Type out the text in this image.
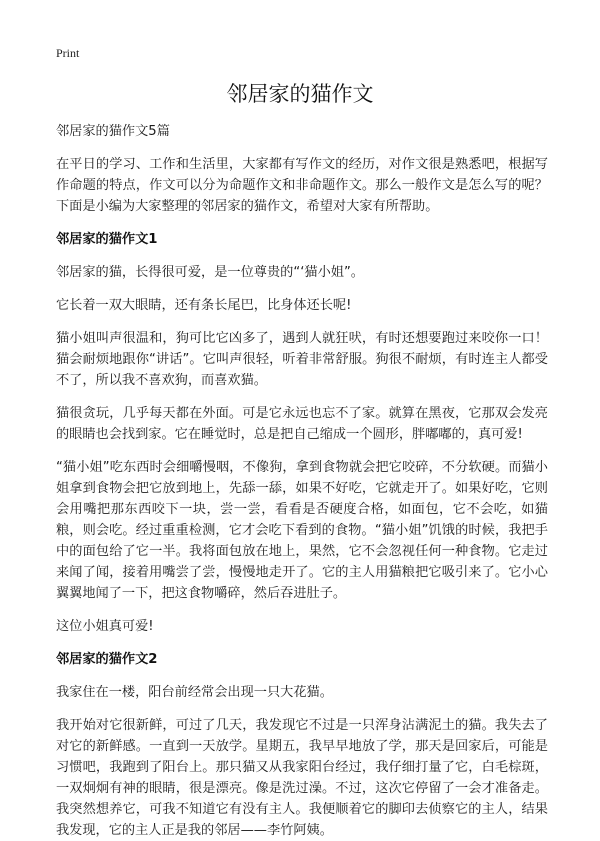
Print
邻居家的猫作文

邻居家的猫作文5篇

在平日的学习、工作和生活里，大家都有写作文的经历，对作文很是熟悉吧，根据写作命题的特点，作文可以分为命题作文和非命题作文。那么一般作文是怎么写的呢？下面是小编为大家整理的邻居家的猫作文，希望对大家有所帮助。

邻居家的猫作文1

邻居家的猫，长得很可爱，是一位尊贵的“‘猫小姐”。

它长着一双大眼睛，还有条长尾巴，比身体还长呢!

猫小姐叫声很温和，狗可比它凶多了，遇到人就狂吠，有时还想要跑过来咬你一口！猫会耐烦地跟你“讲话”。它叫声很轻，听着非常舒服。狗很不耐烦，有时连主人都受不了，所以我不喜欢狗，而喜欢猫。

猫很贪玩，几乎每天都在外面。可是它永远也忘不了家。就算在黑夜，它那双会发亮的眼睛也会找到家。它在睡觉时，总是把自己缩成一个圆形，胖嘟嘟的，真可爱!

“猫小姐”吃东西时会细嚼慢咽，不像狗，拿到食物就会把它咬碎，不分软硬。而猫小姐拿到食物会把它放到地上，先舔一舔，如果不好吃，它就走开了。如果好吃，它则会用嘴把那东西咬下一块，尝一尝，看看是否硬度合格，如面包，它不会吃，如猫粮，则会吃。经过重重检测，它才会吃下看到的食物。“猫小姐”饥饿的时候，我把手中的面包给了它一半。我将面包放在地上，果然，它不会忽视任何一种食物。它走过来闻了闻，接着用嘴尝了尝，慢慢地走开了。它的主人用猫粮把它吸引来了。它小心翼翼地闻了一下，把这食物嚼碎，然后吞进肚子。

这位小姐真可爱!

邻居家的猫作文2

我家住在一楼，阳台前经常会出现一只大花猫。

我开始对它很新鲜，可过了几天，我发现它不过是一只浑身沾满泥土的猫。我失去了对它的新鲜感。一直到一天放学。星期五，我早早地放了学，那天是回家后，可能是习惯吧，我跑到了阳台上。那只猫又从我家阳台经过，我仔细打量了它，白毛棕斑，一双炯炯有神的眼睛，很是漂亮。像是洗过澡。不过，这次它停留了一会才准备走。我突然想养它，可我不知道它有没有主人。我便顺着它的脚印去侦察它的主人，结果我发现，它的主人正是我的邻居——李竹阿姨。
